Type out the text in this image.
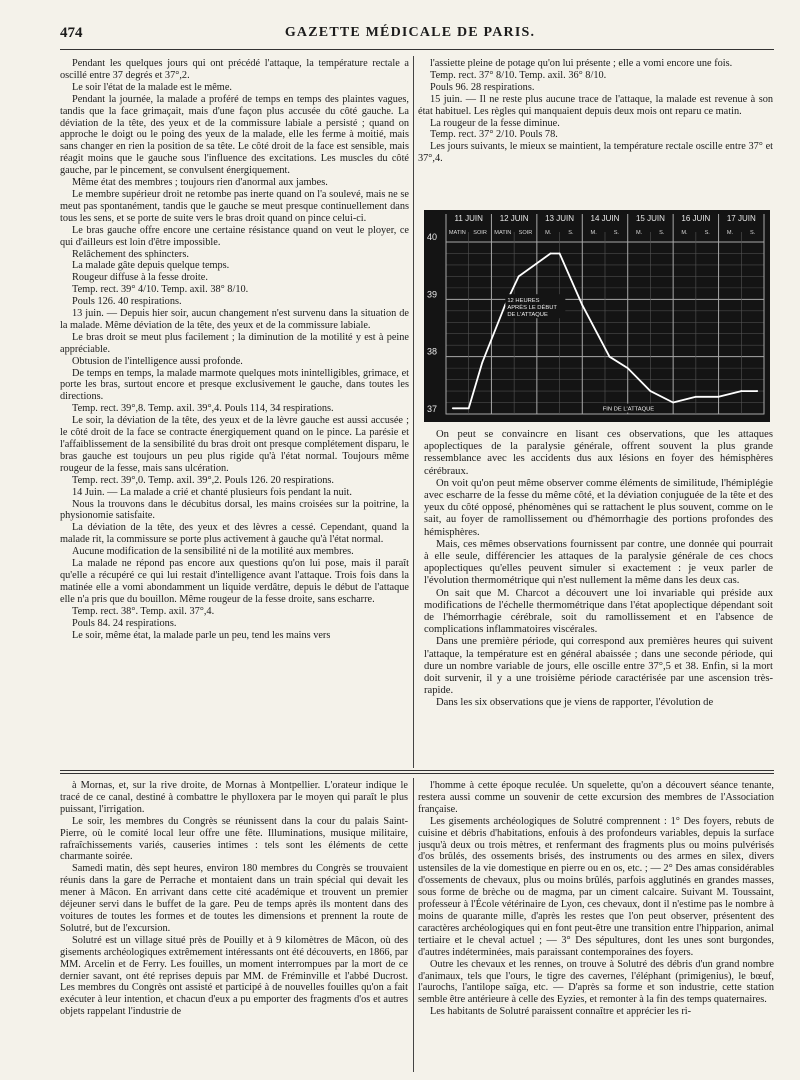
474	GAZETTE MÉDICALE DE PARIS.

Pendant les quelques jours qui ont précédé l'attaque, la température rectale a oscillé entre 37 degrés et 37°,2.

Le soir l'état de la malade est le même.

Pendant la journée, la malade a proféré de temps en temps des plaintes vagues, tandis que la face grimaçait, mais d'une façon plus accusée du côté gauche. La déviation de la tête, des yeux et de la commissure labiale a persisté ; quand on approche le doigt ou le poing des yeux de la malade, elle les ferme à moitié, mais sans changer en rien la position de sa tête. Le côté droit de la face est sensible, mais réagit moins que le gauche sous l'influence des excitations. Les muscles du côté gauche, par le pincement, se convulsent énergiquement.

Même état des membres ; toujours rien d'anormal aux jambes.

Le membre supérieur droit ne retombe pas inerte quand on l'a soulevé, mais ne se meut pas spontanément, tandis que le gauche se meut presque continuellement dans tous les sens, et se porte de suite vers le bras droit quand on pince celui-ci.

Le bras gauche offre encore une certaine résistance quand on veut le ployer, ce qui d'ailleurs est loin d'être impossible.

Relâchement des sphincters.

La malade gâte depuis quelque temps.

Rougeur diffuse à la fesse droite.

Temp. rect. 39° 4/10. Temp. axil. 38° 8/10.

Pouls 126. 40 respirations.

13 juin. — Depuis hier soir, aucun changement n'est survenu dans la situation de la malade. Même déviation de la tête, des yeux et de la commissure labiale.

Le bras droit se meut plus facilement ; la diminution de la motilité y est à peine appréciable.

Obtusion de l'intelligence aussi profonde.

De temps en temps, la malade marmote quelques mots inintelligibles, grimace, et porte les bras, surtout encore et presque exclusivement le gauche, dans toutes les directions.

Temp. rect. 39°,8. Temp. axil. 39°,4. Pouls 114, 34 respirations.

Le soir, la déviation de la tête, des yeux et de la lèvre gauche est aussi accusée ; le côté droit de la face se contracte énergiquement quand on le pince. La parésie et l'affaiblissement de la sensibilité du bras droit ont presque complétement disparu, le bras gauche est toujours un peu plus rigide qu'à l'état normal. Toujours même rougeur de la fesse, mais sans ulcération.

Temp. rect. 39°,0. Temp. axil. 39°,2. Pouls 126. 20 respirations.

14 Juin. — La malade a crié et chanté plusieurs fois pendant la nuit.

Nous la trouvons dans le décubitus dorsal, les mains croisées sur la poitrine, la physionomie satisfaite.

La déviation de la tête, des yeux et des lèvres a cessé. Cependant, quand la malade rit, la commissure se porte plus activement à gauche qu'à l'état normal.

Aucune modification de la sensibilité ni de la motilité aux membres.

La malade ne répond pas encore aux questions qu'on lui pose, mais il paraît qu'elle a récupéré ce qui lui restait d'intelligence avant l'attaque. Trois fois dans la matinée elle a vomi abondamment un liquide verdâtre, depuis le début de l'attaque elle n'a pris que du bouillon. Même rougeur de la fesse droite, sans escharre.

Temp. rect. 38°. Temp. axil. 37°,4.

Pouls 84. 24 respirations.

Le soir, même état, la malade parle un peu, tend les mains vers

l'assiette pleine de potage qu'on lui présente ; elle a vomi encore une fois.

Temp. rect. 37° 8/10. Temp. axil. 36° 8/10.

Pouls 96. 28 respirations.

15 juin. — Il ne reste plus aucune trace de l'attaque, la malade est revenue à son état habituel. Les règles qui manquaient depuis deux mois ont reparu ce matin.

La rougeur de la fesse diminue.

Temp. rect. 37° 2/10. Pouls 78.

Les jours suivants, le mieux se maintient, la température rectale oscille entre 37° et 37°,4.

11 JUIN
MATIN SOIR
12 JUIN
MATIN SOIR
13 JUIN
M.	S.
14 JUIN
M.	S.
15 JUIN
M.	S.
16 JUIN
M.	S.
17 JUIN
M.	S.
40
39
38
37
12 HEURES
APRÈS LE DÉBUT
DE L'ATTAQUE
FIN DE L'ATTAQUE

On peut se convaincre en lisant ces observations, que les attaques apoplectiques de la paralysie générale, offrent souvent la plus grande ressemblance avec les accidents dus aux lésions en foyer des hémisphères cérébraux.

On voit qu'on peut même observer comme éléments de similitude, l'hémiplégie avec escharre de la fesse du même côté, et la déviation conjuguée de la tête et des yeux du côté opposé, phénomènes qui se rattachent le plus souvent, comme on le sait, au foyer de ramollissement ou d'hémorrhagie des portions profondes des hémisphères.

Mais, ces mêmes observations fournissent par contre, une donnée qui pourrait à elle seule, différencier les attaques de la paralysie générale de ces chocs apoplectiques qu'elles peuvent simuler si exactement : je veux parler de l'évolution thermométrique qui n'est nullement la même dans les deux cas.

On sait que M. Charcot a découvert une loi invariable qui préside aux modifications de l'échelle thermométrique dans l'état apoplectique dépendant soit de l'hémorrhagie cérébrale, soit du ramollissement et en l'absence de complications inflammatoires viscérales.

Dans une première période, qui correspond aux premières heures qui suivent l'attaque, la température est en général abaissée ; dans une seconde période, qui dure un nombre variable de jours, elle oscille entre 37°,5 et 38. Enfin, si la mort doit survenir, il y a une troisième période caractérisée par une ascension très-rapide.

Dans les six observations que je viens de rapporter, l'évolution de

à Mornas, et, sur la rive droite, de Mornas à Montpellier. L'orateur indique le tracé de ce canal, destiné à combattre le phylloxera par le moyen qui paraît le plus puissant, l'irrigation.

Le soir, les membres du Congrès se réunissent dans la cour du palais Saint-Pierre, où le comité local leur offre une fête. Illuminations, musique militaire, rafraîchissements variés, causeries intimes : tels sont les éléments de cette charmante soirée.

Samedi matin, dès sept heures, environ 180 membres du Congrès se trouvaient réunis dans la gare de Perrache et montaient dans un train spécial qui devait les mener à Mâcon. En arrivant dans cette cité académique et trouvent un premier déjeuner servi dans le buffet de la gare. Peu de temps après ils montent dans des voitures de toutes les formes et de toutes les dimensions et prennent la route de Solutré, but de l'excursion.

Solutré est un village situé près de Pouilly et à 9 kilomètres de Mâcon, où des gisements archéologiques extrêmement intéressants ont été découverts, en 1866, par MM. Arcelin et de Ferry. Les fouilles, un moment interrompues par la mort de ce dernier savant, ont été reprises depuis par MM. de Fréminville et l'abbé Ducrost. Les membres du Congrès ont assisté et participé à de nouvelles fouilles qu'on a fait exécuter à leur intention, et chacun d'eux a pu emporter des fragments d'os et autres objets rappelant l'industrie de

l'homme à cette époque reculée. Un squelette, qu'on a découvert séance tenante, restera aussi comme un souvenir de cette excursion des membres de l'Association française.

Les gisements archéologiques de Solutré comprennent : 1° Des foyers, rebuts de cuisine et débris d'habitations, enfouis à des profondeurs variables, depuis la surface jusqu'à deux ou trois mètres, et renfermant des fragments plus ou moins pulvérisés d'os brûlés, des ossements brisés, des instruments ou des armes en silex, divers ustensiles de la vie domestique en pierre ou en os, etc. ; — 2° Des amas considérables d'ossements de chevaux, plus ou moins brûlés, parfois agglutinés en grandes masses, sous forme de brèche ou de magma, par un ciment calcaire. Suivant M. Toussaint, professeur à l'École vétérinaire de Lyon, ces chevaux, dont il n'estime pas le nombre à moins de quarante mille, d'après les restes que l'on peut observer, présentent des caractères archéologiques qui en font peut-être une transition entre l'hipparion, animal tertiaire et le cheval actuel ; — 3° Des sépultures, dont les unes sont burgondes, d'autres indéterminées, mais paraissant contemporaines des foyers.

Outre les chevaux et les rennes, on trouve à Solutré des débris d'un grand nombre d'animaux, tels que l'ours, le tigre des cavernes, l'éléphant (primigenius), le bœuf, l'aurochs, l'antilope saïga, etc. — D'après sa forme et son industrie, cette station semble être antérieure à celle des Eyzies, et remonter à la fin des temps quaternaires.

Les habitants de Solutré paraissent connaître et apprécier les ri-
